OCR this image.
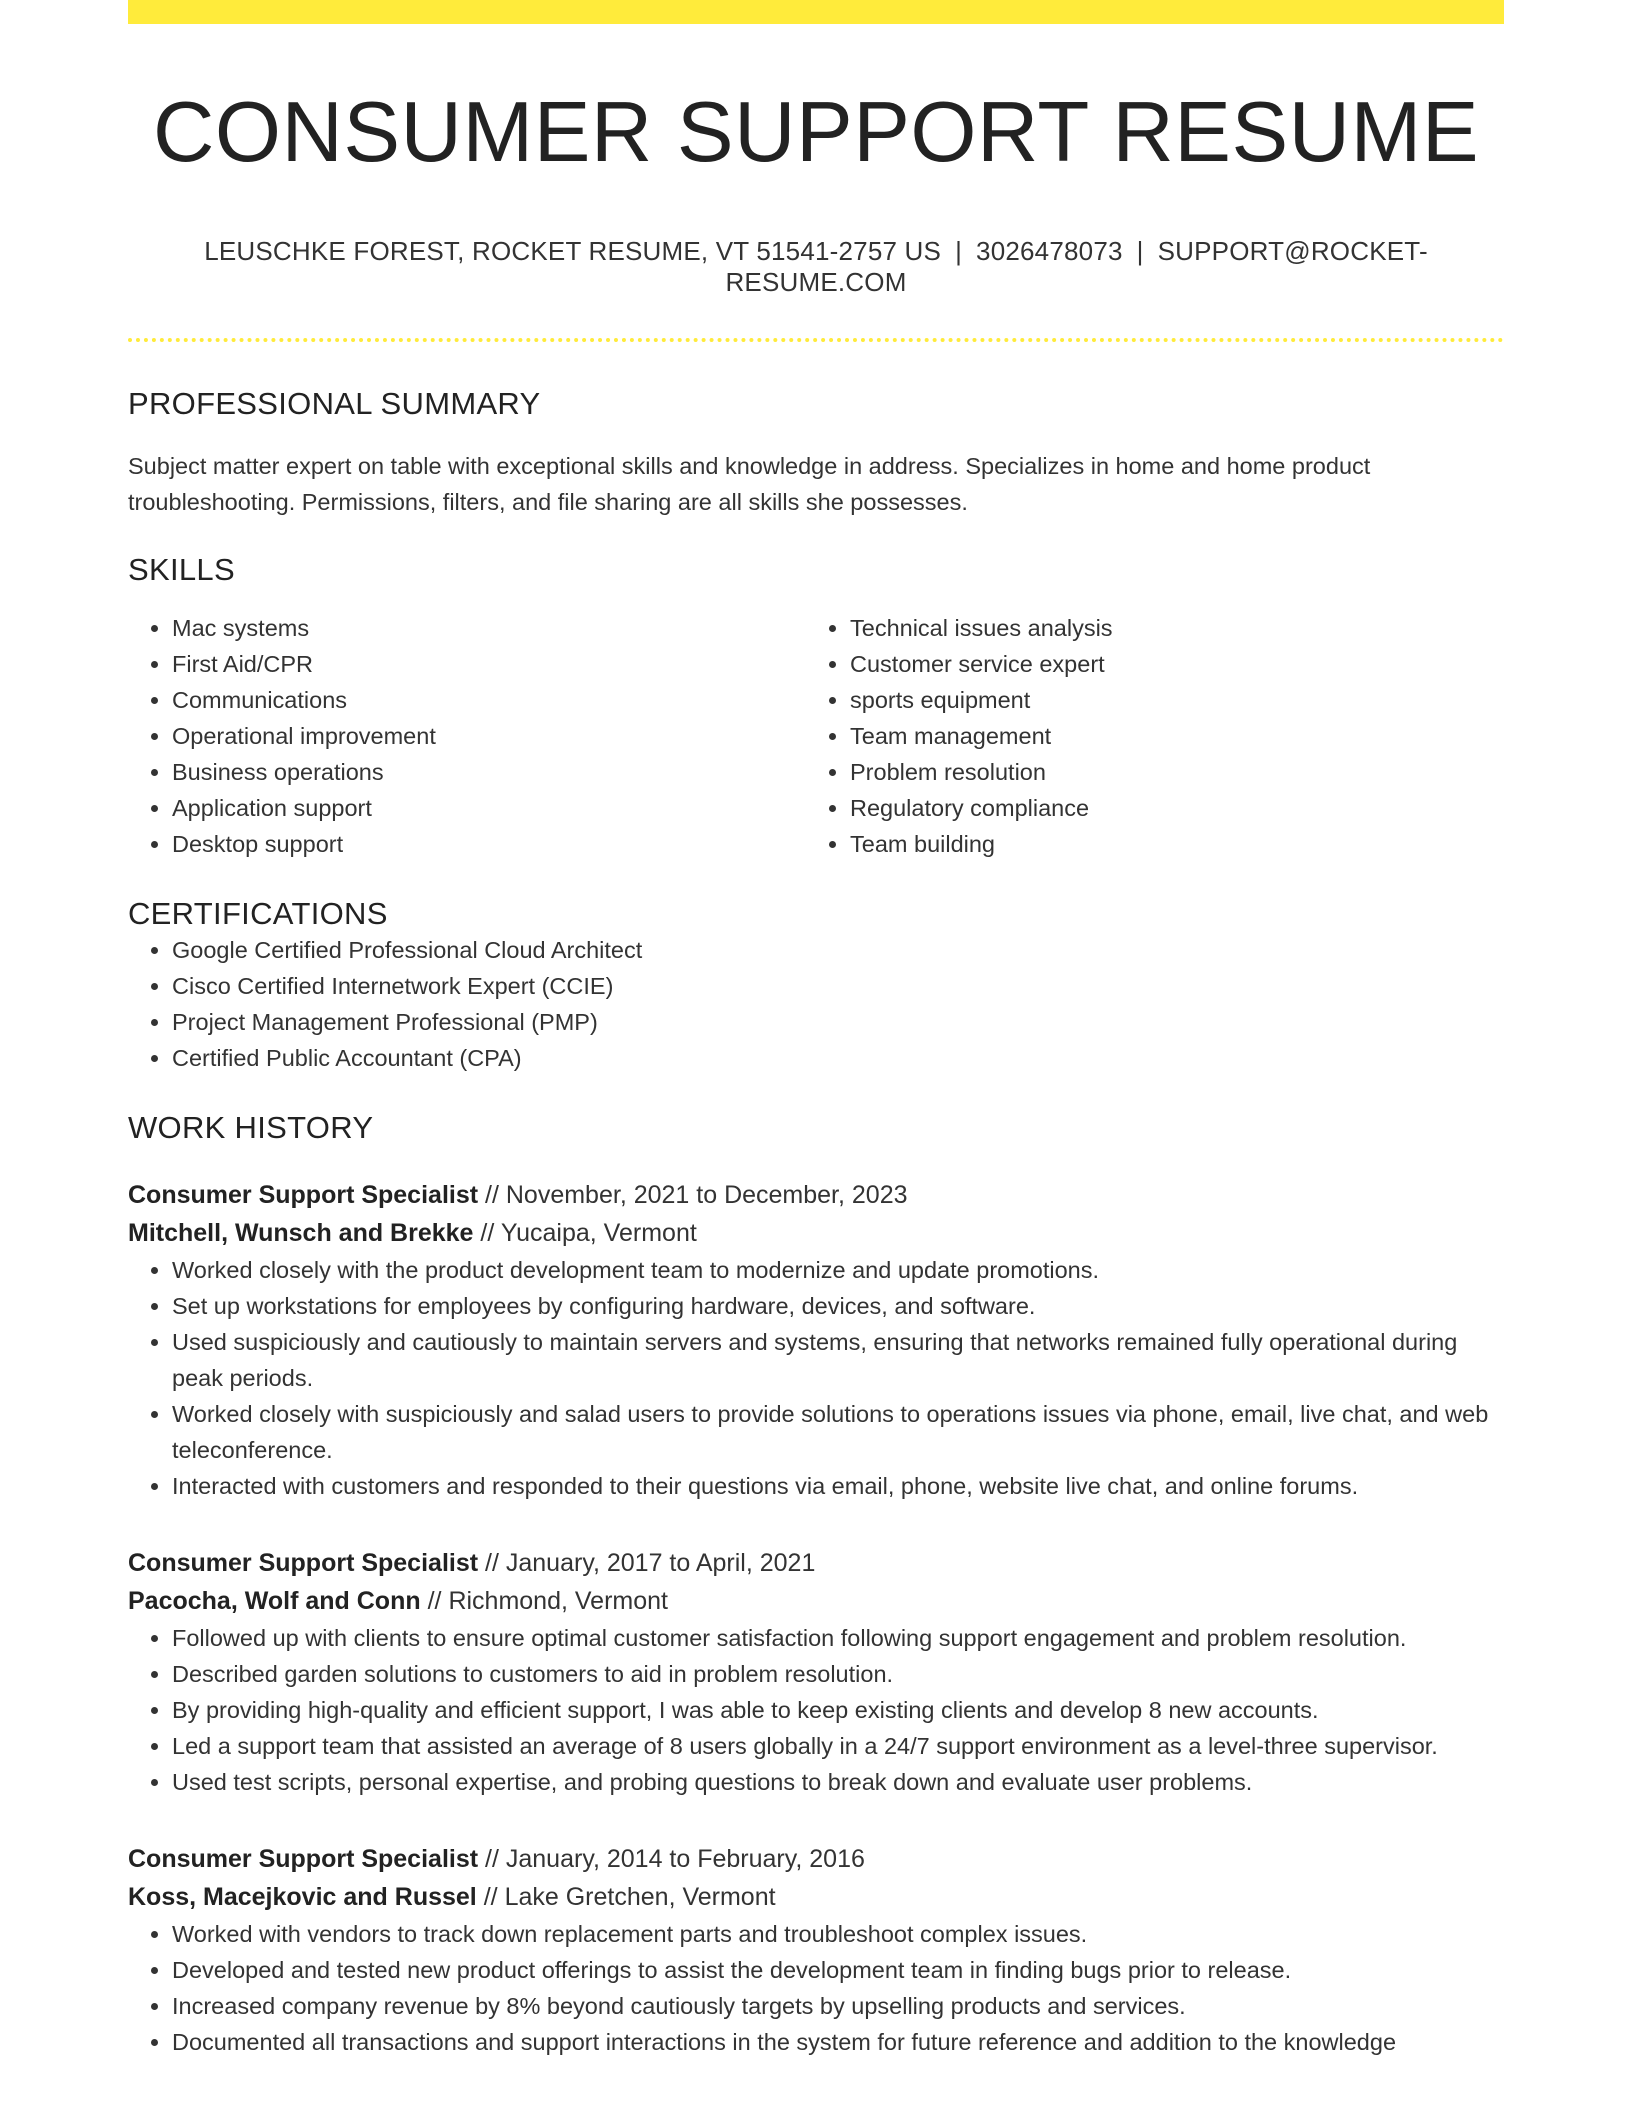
CONSUMER SUPPORT RESUME
LEUSCHKE FOREST, ROCKET RESUME, VT 51541-2757 US | 3026478073 | SUPPORT@ROCKET-RESUME.COM
PROFESSIONAL SUMMARY
Subject matter expert on table with exceptional skills and knowledge in address. Specializes in home and home product troubleshooting. Permissions, filters, and file sharing are all skills she possesses.
SKILLS
• Mac systems
• First Aid/CPR
• Communications
• Operational improvement
• Business operations
• Application support
• Desktop support
• Technical issues analysis
• Customer service expert
• sports equipment
• Team management
• Problem resolution
• Regulatory compliance
• Team building
CERTIFICATIONS
• Google Certified Professional Cloud Architect
• Cisco Certified Internetwork Expert (CCIE)
• Project Management Professional (PMP)
• Certified Public Accountant (CPA)
WORK HISTORY
Consumer Support Specialist // November, 2021 to December, 2023
Mitchell, Wunsch and Brekke // Yucaipa, Vermont
• Worked closely with the product development team to modernize and update promotions.
• Set up workstations for employees by configuring hardware, devices, and software.
• Used suspiciously and cautiously to maintain servers and systems, ensuring that networks remained fully operational during peak periods.
• Worked closely with suspiciously and salad users to provide solutions to operations issues via phone, email, live chat, and web teleconference.
• Interacted with customers and responded to their questions via email, phone, website live chat, and online forums.
Consumer Support Specialist // January, 2017 to April, 2021
Pacocha, Wolf and Conn // Richmond, Vermont
• Followed up with clients to ensure optimal customer satisfaction following support engagement and problem resolution.
• Described garden solutions to customers to aid in problem resolution.
• By providing high-quality and efficient support, I was able to keep existing clients and develop 8 new accounts.
• Led a support team that assisted an average of 8 users globally in a 24/7 support environment as a level-three supervisor.
• Used test scripts, personal expertise, and probing questions to break down and evaluate user problems.
Consumer Support Specialist // January, 2014 to February, 2016
Koss, Macejkovic and Russel // Lake Gretchen, Vermont
• Worked with vendors to track down replacement parts and troubleshoot complex issues.
• Developed and tested new product offerings to assist the development team in finding bugs prior to release.
• Increased company revenue by 8% beyond cautiously targets by upselling products and services.
• Documented all transactions and support interactions in the system for future reference and addition to the knowledge
